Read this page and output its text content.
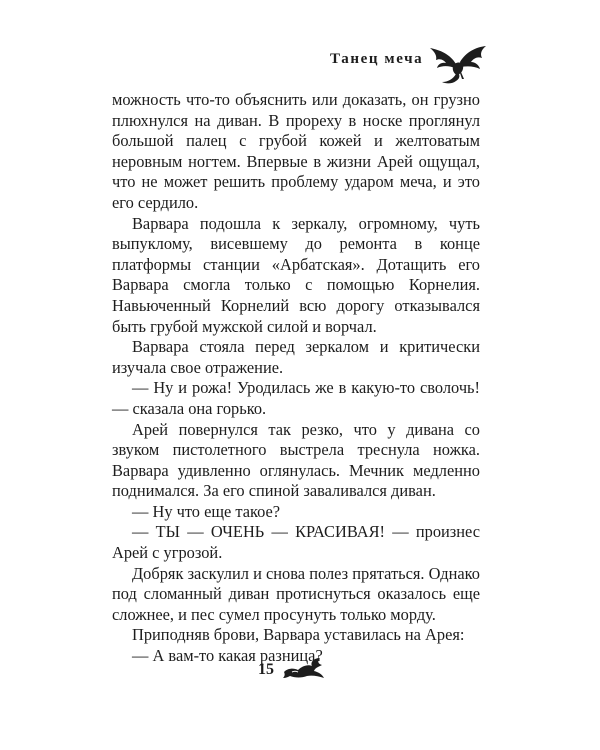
Танец меча

можность что-то объяснить или доказать, он грузно плюхнулся на диван. В прореху в носке проглянул большой палец с грубой кожей и желтоватым неровным ногтем. Впервые в жизни Арей ощущал, что не может решить проблему ударом меча, и это его сердило.

Варвара подошла к зеркалу, огромному, чуть выпуклому, висевшему до ремонта в конце платформы станции «Арбатская». Дотащить его Варвара смогла только с помощью Корнелия. Навьюченный Корнелий всю дорогу отказывался быть грубой мужской силой и ворчал.

Варвара стояла перед зеркалом и критически изучала свое отражение.

— Ну и рожа! Уродилась же в какую-то сволочь! — сказала она горько.

Арей повернулся так резко, что у дивана со звуком пистолетного выстрела треснула ножка. Варвара удивленно оглянулась. Мечник медленно поднимался. За его спиной заваливался диван.

— Ну что еще такое?

— ТЫ — ОЧЕНЬ — КРАСИВАЯ! — произнес Арей с угрозой.

Добряк заскулил и снова полез прятаться. Однако под сломанный диван протиснуться оказалось еще сложнее, и пес сумел просунуть только морду.

Приподняв брови, Варвара уставилась на Арея:

— А вам-то какая разница?

15
